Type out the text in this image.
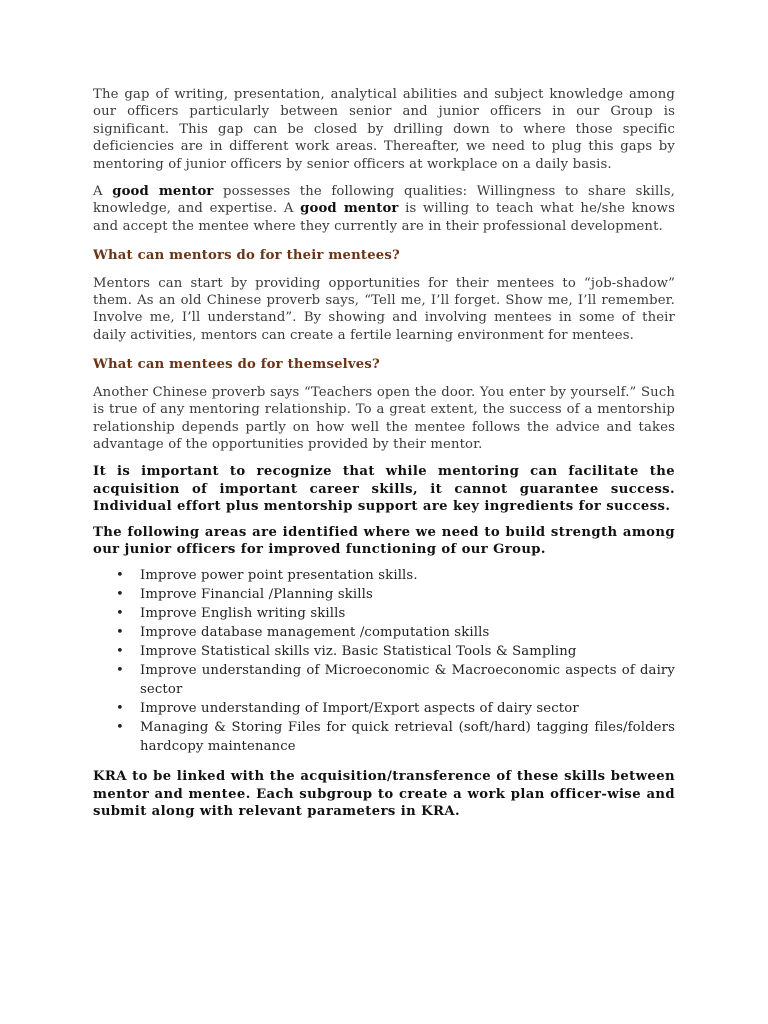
The gap of writing, presentation, analytical abilities and subject knowledge among our officers particularly between senior and junior officers in our Group is significant. This gap can be closed by drilling down to where those specific deficiencies are in different work areas. Thereafter, we need to plug this gaps by mentoring of junior officers by senior officers at workplace on a daily basis.

A good mentor possesses the following qualities: Willingness to share skills, knowledge, and expertise. A good mentor is willing to teach what he/she knows and accept the mentee where they currently are in their professional development.

What can mentors do for their mentees?

Mentors can start by providing opportunities for their mentees to “job-shadow” them. As an old Chinese proverb says, “Tell me, I’ll forget. Show me, I’ll remember. Involve me, I’ll understand”. By showing and involving mentees in some of their daily activities, mentors can create a fertile learning environment for mentees.

What can mentees do for themselves?

Another Chinese proverb says “Teachers open the door. You enter by yourself.” Such is true of any mentoring relationship. To a great extent, the success of a mentorship relationship depends partly on how well the mentee follows the advice and takes advantage of the opportunities provided by their mentor.

It is important to recognize that while mentoring can facilitate the acquisition of important career skills, it cannot guarantee success. Individual effort plus mentorship support are key ingredients for success.

The following areas are identified where we need to build strength among our junior officers for improved functioning of our Group.

• Improve power point presentation skills.
• Improve Financial /Planning skills
• Improve English writing skills
• Improve database management /computation skills
• Improve Statistical skills viz. Basic Statistical Tools & Sampling
• Improve understanding of Microeconomic & Macroeconomic aspects of dairy sector
• Improve understanding of Import/Export aspects of dairy sector
• Managing & Storing Files for quick retrieval (soft/hard) tagging files/folders hardcopy maintenance

KRA to be linked with the acquisition/transference of these skills between mentor and mentee. Each subgroup to create a work plan officer-wise and submit along with relevant parameters in KRA.
